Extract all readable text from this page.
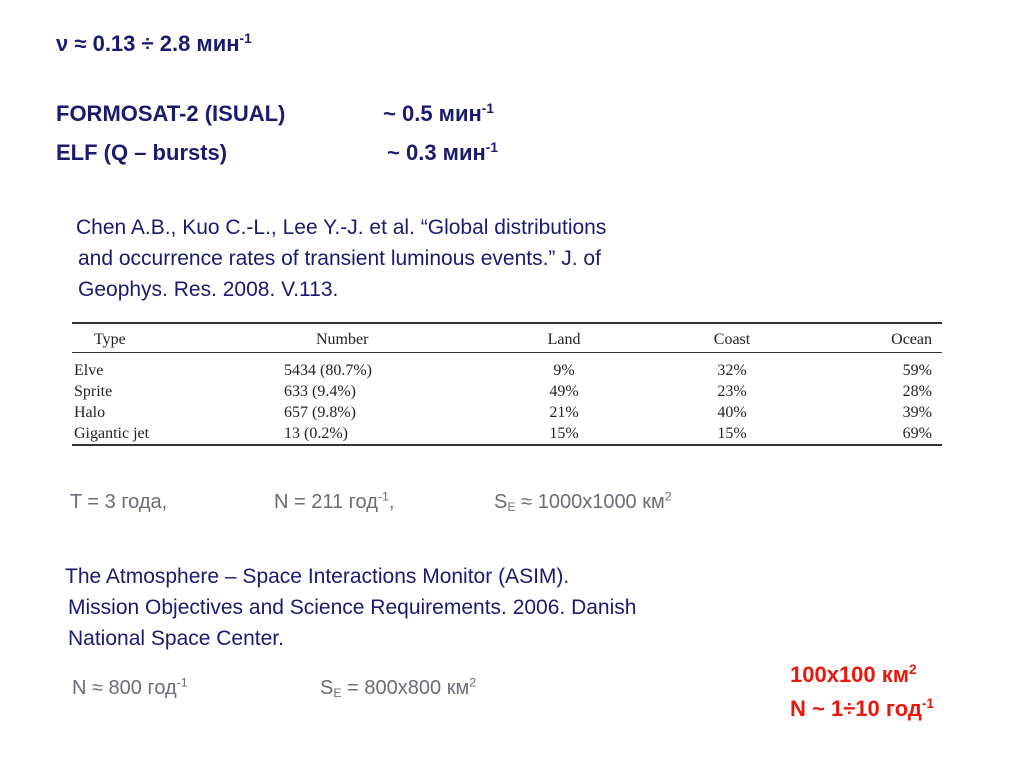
ν ≈ 0.13 ÷ 2.8 мин$^{-1}$
FORMOSAT-2 (ISUAL)	~ 0.5 мин$^{-1}$
ELF (Q – bursts)	~ 0.3 мин$^{-1}$
Chen A.B., Kuo C.-L., Lee Y.-J. et al. “Global distributions
and occurrence rates of transient luminous events.” J. of
Geophys. Res. 2008. V.113.
Type	Number	Land	Coast	Ocean
Elve	5434 (80.7%)	9%	32%	59%
Sprite	633 (9.4%)	49%	23%	28%
Halo	657 (9.8%)	21%	40%	39%
Gigantic jet	13 (0.2%)	15%	15%	69%
T = 3 года,	N = 211 год$^{-1}$,	$S_E \approx 1000x1000$ $км^2$
The Atmosphere – Space Interactions Monitor (ASIM).
Mission Objectives and Science Requirements. 2006. Danish
National Space Center.
N ≈ 800 год$^{-1}$	$S_E = 800x800$ $км^2$	100x100 $км^2$
N ~ 1÷10 год$^{-1}$
